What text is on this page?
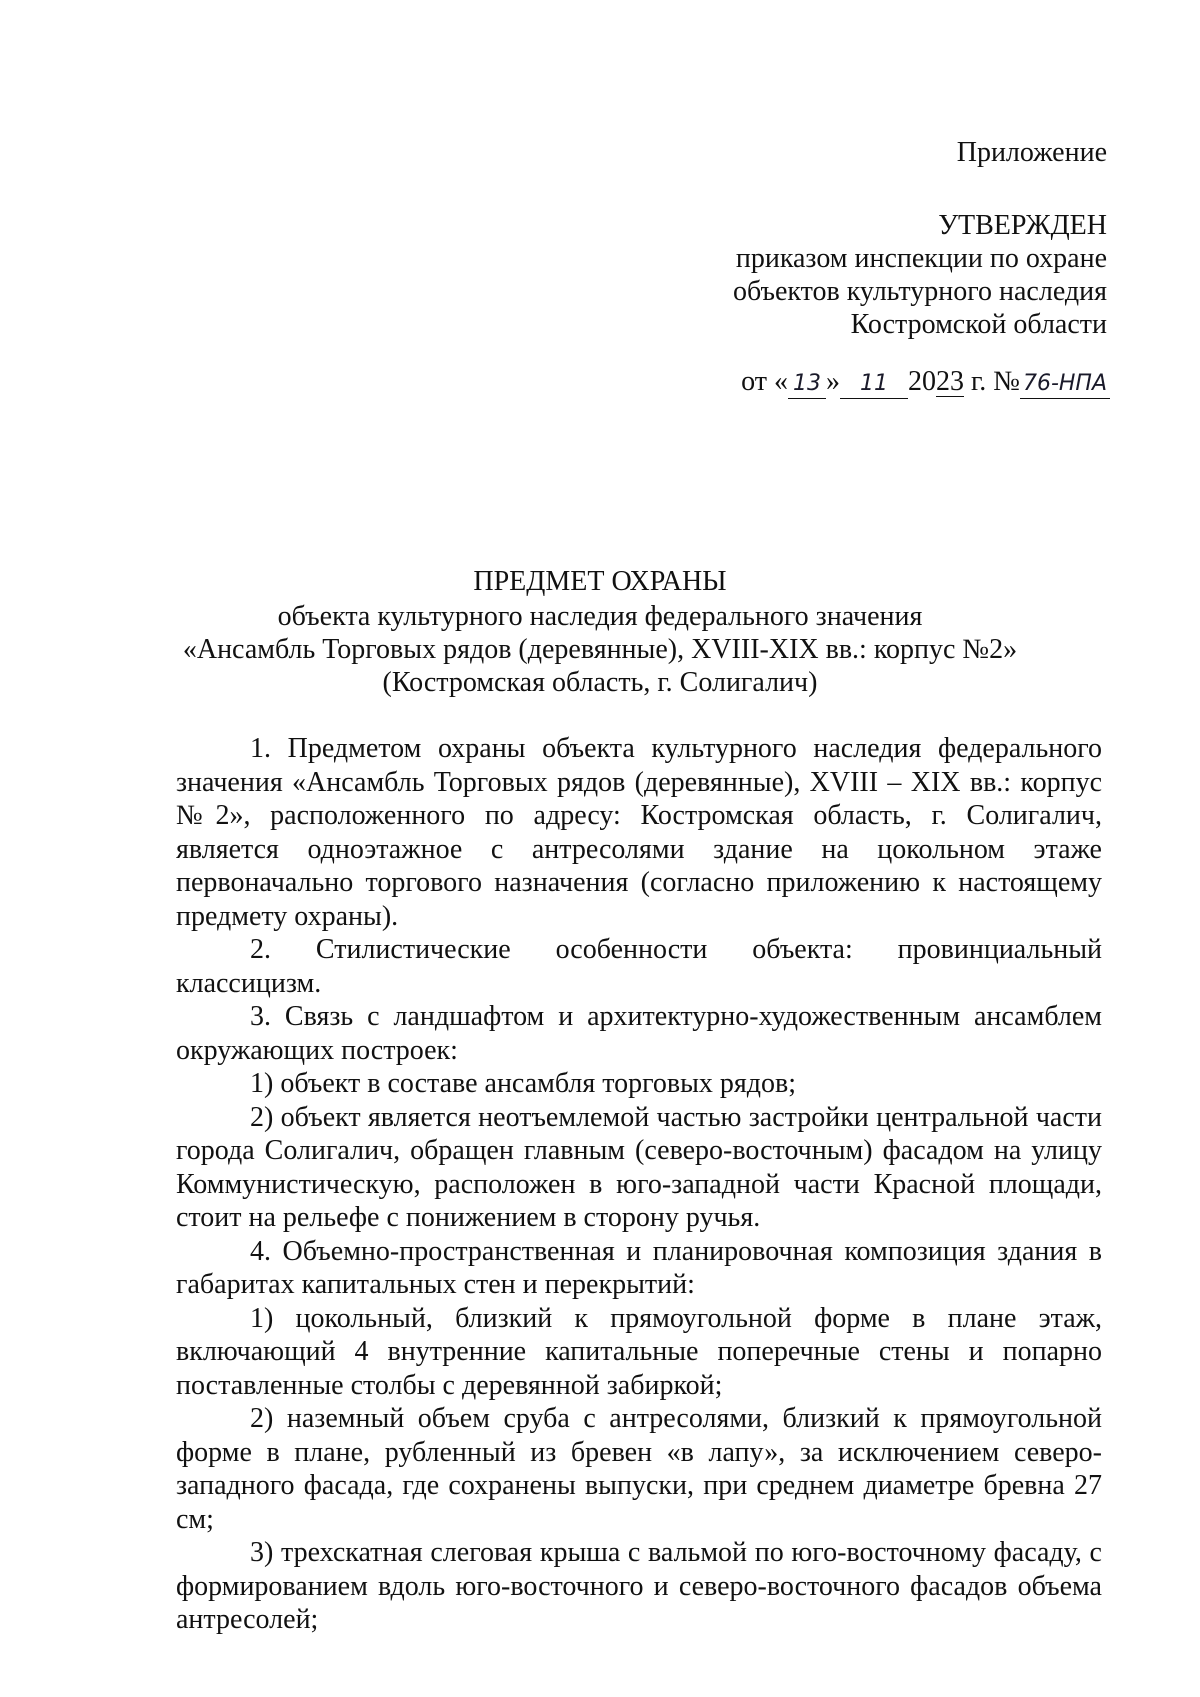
Приложение
УТВЕРЖДЕН
приказом инспекции по охране
объектов культурного наследия
Костромской области
от « 13 » 11 2023 г. № 76-НПА
ПРЕДМЕТ ОХРАНЫ
объекта культурного наследия федерального значения
«Ансамбль Торговых рядов (деревянные), XVIII-XIX вв.: корпус №2»
(Костромская область, г. Солигалич)

1. Предметом охраны объекта культурного наследия федерального значения «Ансамбль Торговых рядов (деревянные), XVIII – XIX вв.: корпус №2», расположенного по адресу: Костромская область, г. Солигалич, является одноэтажное с антресолями здание на цокольном этаже первоначально торгового назначения (согласно приложению к настоящему предмету охраны).

2. Стилистические особенности объекта: провинциальный классицизм.

3. Связь с ландшафтом и архитектурно-художественным ансамблем окружающих построек:

1) объект в составе ансамбля торговых рядов;

2) объект является неотъемлемой частью застройки центральной части города Солигалич, обращен главным (северо-восточным) фасадом на улицу Коммунистическую, расположен в юго-западной части Красной площади, стоит на рельефе с понижением в сторону ручья.

4. Объемно-пространственная и планировочная композиция здания в габаритах капитальных стен и перекрытий:

1) цокольный, близкий к прямоугольной форме в плане этаж, включающий 4 внутренние капитальные поперечные стены и попарно поставленные столбы с деревянной забиркой;

2) наземный объем сруба с антресолями, близкий к прямоугольной форме в плане, рубленный из бревен «в лапу», за исключением северо-западного фасада, где сохранены выпуски, при среднем диаметре бревна 27 см;

3) трехскатная слеговая крыша с вальмой по юго-восточному фасаду, с формированием вдоль юго-восточного и северо-восточного фасадов объема антресолей;
